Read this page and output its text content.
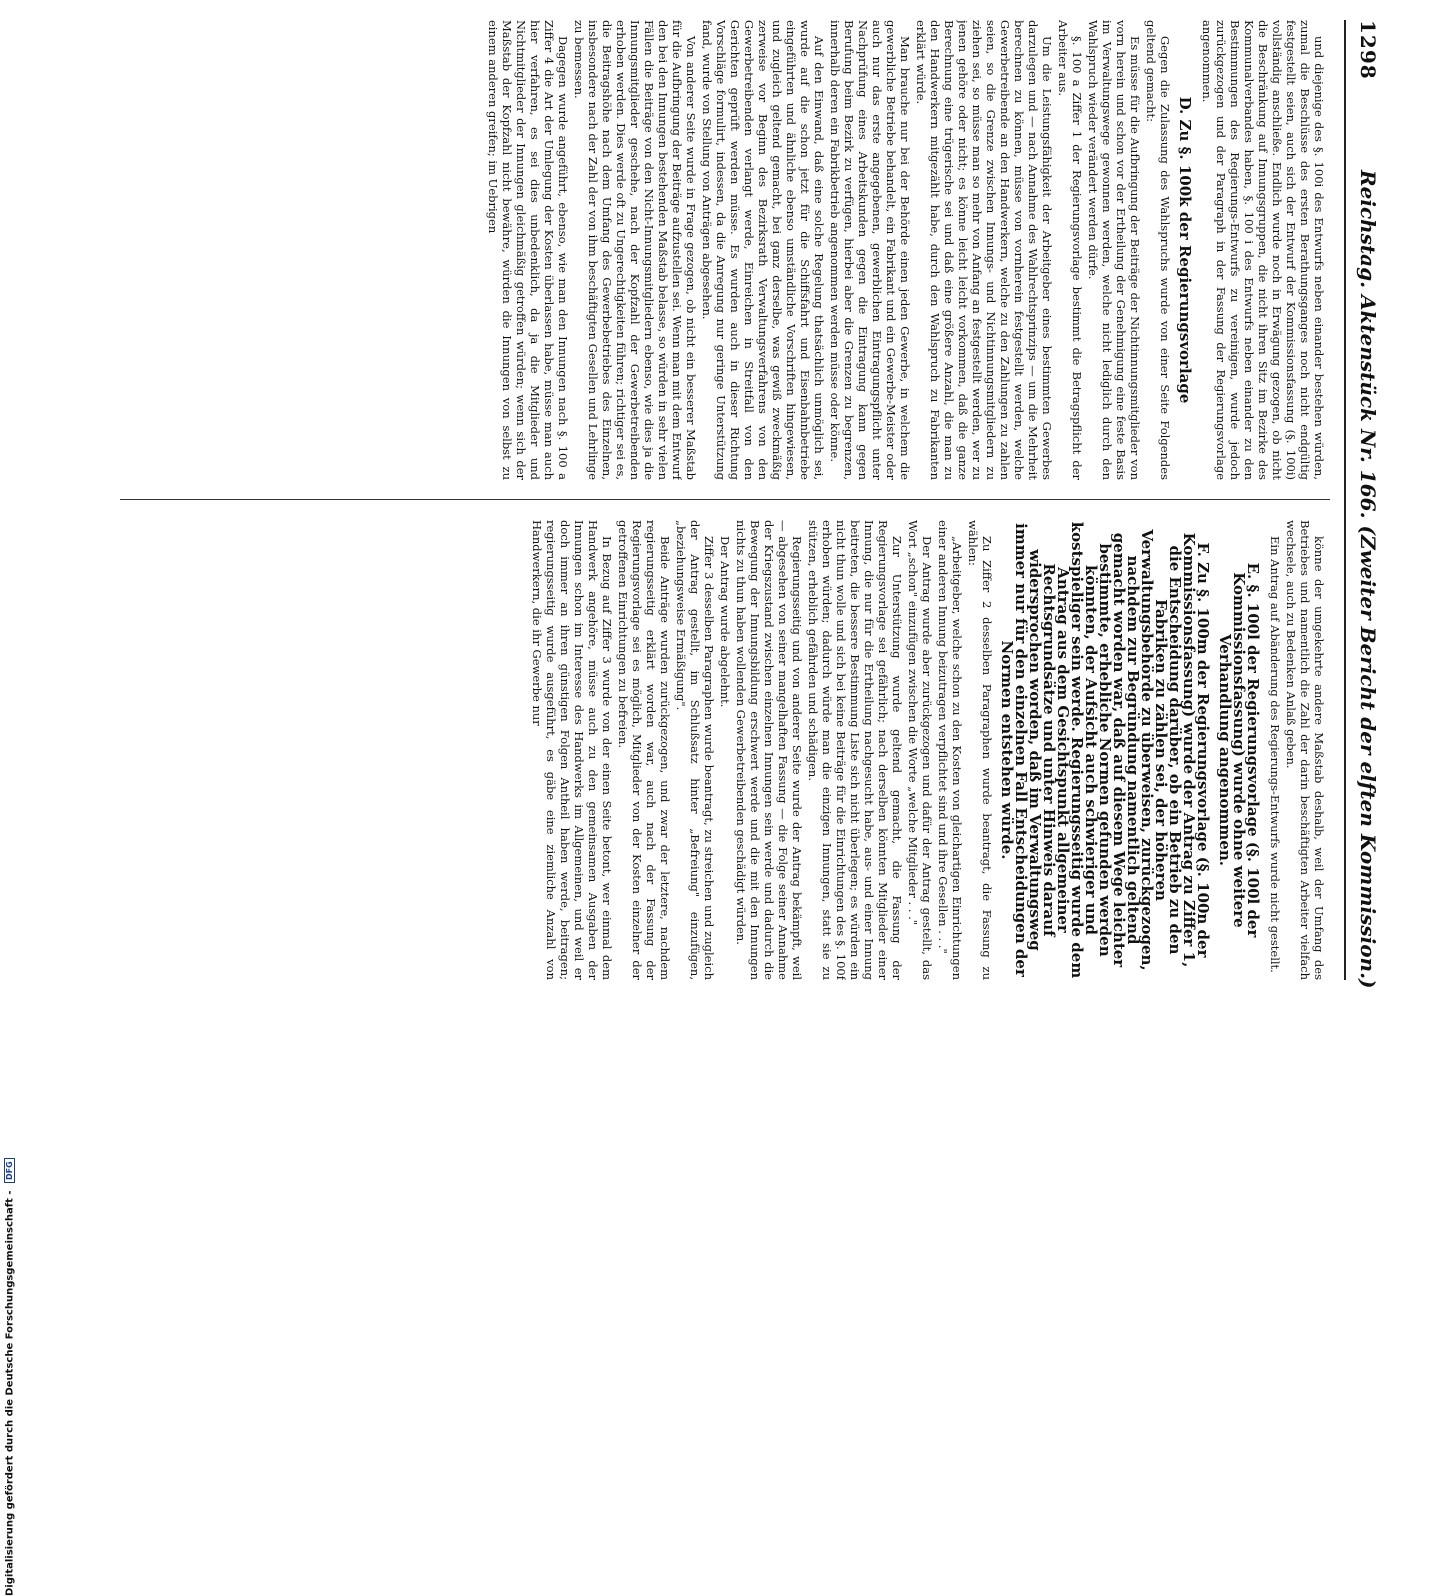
Digitalisierung gefördert durch die Deutsche Forschungsgemeinschaft - DFG
1298
Reichstag. Aktenstück Nr. 166. (Zweiter Bericht der elften Kommission.)

und diejenige des §. 100i des Entwurfs neben einander bestehen würden, zumal die Beschlüsse des ersten Berathungsganges noch nicht endgültig festgestellt seien, auch sich der Entwurf der Kommissionsfassung (§. 100i) vollständig anschließe. Endlich wurde noch in Erwägung gezogen, ob nicht die Beschränkung auf Innungsgruppen, die nicht ihren Sitz im Bezirke des Kommunalverbandes haben, §. 100 i des Entwurfs neben einander zu den Bestimmungen des Regierungs-Entwurfs zu vereinigen, wurde jedoch zurückgezogen und der Paragraph in der Fassung der Regierungsvorlage angenommen.

D. Zu §. 100k der Regierungsvorlage

Gegen die Zulassung des Wahlspruchs wurde von einer Seite Folgendes geltend gemacht:

Es müsse für die Aufbringung der Beiträge der Nichtinnungsmitglieder von vorn herein und schon vor der Ertheilung der Genehmigung eine feste Basis im Verwaltungswege gewonnen werden, welche nicht lediglich durch den Wahlspruch wieder verändert werden dürfe.

§. 100 a Ziffer 1 der Regierungsvorlage bestimmt die Betragspflicht der Arbeiter aus.

Um die Leistungsfähigkeit der Arbeitgeber eines bestimmten Gewerbes darzulegen und — nach Annahme des Wahlrechtsprinzips — um die Mehrheit berechnen zu können, müsse von vornherein festgestellt werden, welche Gewerbetreibende an den Handwerkern, welche zu den Zahlungen zu zahlen seien, so die Grenze zwischen Innungs- und Nichtinnungsmitgliedern zu ziehen sei, so müsse man so mehr von Anfang an festgestellt werden, wer zu jenen gehöre oder nicht; es könne leicht leicht vorkommen, daß die ganze Berechnung eine trügerische sei und daß eine größere Anzahl, die man zu den Handwerkern mitgezählt habe, durch den Wahlspruch zu Fabrikanten erklärt würde.

Man brauche nur bei der Behörde einen jeden Gewerbe, in welchem die gewerbliche Betriebe behandelt, ein Fabrikant und ein Gewerbe-Meister oder auch nur das erste angegebenen, gewerblichen Eintragungspflicht unter Nachprüfung eines Arbeitskunden gegen die Eintragung kann gegen Berufung beim Bezirk zu verfügen, hierbei aber die Grenzen zu begrenzen, innerhalb deren ein Fabrikbetrieb angenommen werden müsse oder könne.

Auf den Einwand, daß eine solche Regelung thatsächlich unmöglich sei, wurde auf die schon jetzt für die Schiffsfahrt und Eisenbahnbetriebe eingeführten und ähnliche ebenso umständliche Vorschriften hingewiesen, und zugleich geltend gemacht, bei ganz derselbe, was gewiß zweckmäßig zerweise vor Beginn des Bezirksrath Verwaltungsverfahrens von den Gewerbetreibenden verlangt werde, Einreichen in Streitfall von den Gerichten geprüft werden müsse. Es wurden auch in dieser Richtung Vorschläge formulirt, indessen, da die Anregung nur geringe Unterstützung fand, wurde von Stellung von Anträgen abgesehen.

Von anderer Seite wurde in Frage gezogen, ob nicht ein besserer Maßstab für die Aufbringung der Beiträge aufzustellen sei. Wenn man mit dem Entwurf den bei den Innungen bestehenden Maßstab belasse, so würden in sehr vielen Fällen die Beiträge von den Nicht-Innungsmitgliedern ebenso, wie dies ja die Innungsmitglieder geschehe, nach der Kopfzahl der Gewerbetreibenden erhoben werden. Dies werde oft zu Ungerechtigkeiten führen; richtiger sei es, die Beitragshöhe nach dem Umfang des Gewerbebetriebes des Einzelnen, insbesondere nach der Zahl der von ihm beschäftigten Gesellen und Lehrlinge zu bemessen.

Dagegen wurde angeführt, ebenso, wie man den Innungen nach §. 100 a Ziffer 4 die Art der Umlegung der Kosten überlassen habe, müsse man auch hier verfahren, es sei dies unbedenklich, da ja die Mitglieder und Nichtmitglieder der Innungen gleichmäßig getroffen würden; wenn sich der Maßstab der Kopfzahl nicht bewähre, würden die Innungen von selbst zu einem anderen greifen; im Uebrigen

könne der umgekehrte andere Maßstab deshalb, weil der Umfang des Betriebes und namentlich die Zahl der darin beschäftigten Arbeiter vielfach wechsele, auch zu Bedenken Anlaß geben.

Ein Antrag auf Abänderung des Regierungs-Entwurfs wurde nicht gestellt.

E. §. 100l der Regierungsvorlage (§. 100l der Kommissionsfassung) wurde ohne weitere Verhandlung angenommen.
F. Zu §. 100m der Regierungsvorlage (§. 100n der Kommissionsfassung) wurde der Antrag zu Ziffer 1, die Entscheidung darüber, ob ein Betrieb zu den Fabriken zu zählen sei, der höheren Verwaltungsbehörde zu überweisen, zurückgezogen, nachdem zur Begründung namentlich geltend gemacht worden war, daß auf diesem Wege leichter bestimmte, erhebliche Normen gefunden werden könnten, der Aufsicht auch schwieriger und kostspieliger sein werde. Regierungsseitig wurde dem Antrag aus dem Gesichtspunkt allgemeiner Rechtsgrundsätze und unter Hinweis darauf widersprochen worden, daß im Verwaltungsweg immer nur für den einzelnen Fall Entscheidungen der Normen entstehen würde.

Zu Ziffer 2 desselben Paragraphen wurde beantragt, die Fassung zu wählen:

„Arbeitgeber, welche schon zu den Kosten von gleichartigen Einrichtungen einer anderen Innung beizutragen verpflichtet sind und ihre Gesellen . . ."

Der Antrag wurde aber zurückgezogen und dafür der Antrag gestellt, das Wort „schon" einzufügen zwischen die Worte „welche Mitglieder . . ."

Zur Unterstützung wurde geltend gemacht, die Fassung der Regierungsvorlage sei gefährlich; nach derselben könnten Mitglieder einer Innung, die nur für die Ertheilung nachgesucht habe, aus- und einer Innung beitreten, die bessere Bestimmung Liste sich nicht überlegen; es würden ein nicht thun wolle und sich bei keine Beiträge für die Einrichtungen des §. 100f erhoben würden; dadurch würde man die einzigen Innungen, statt sie zu stützen, erheblich gefährden und schädigen.

Regierungsseitig und von anderer Seite wurde der Antrag bekämpft, weil — abgesehen von seiner mangelhaften Fassung — die Folge seiner Annahme der Kriegszustand zwischen einzelnen Innungen sein werde und dadurch die Bewegung der Innungsbildung erschwert werde und die mit den Innungen nichts zu thun haben wollenden Gewerbetreibenden geschädigt würden.

Der Antrag wurde abgelehnt.

Ziffer 3 desselben Paragraphen wurde beantragt, zu streichen und zugleich der Antrag gestellt, im Schlußsatz hinter „Befreiung" einzufügen, „beziehungsweise Ermäßigung".

Beide Anträge wurden zurückgezogen, und zwar der letztere, nachdem regierungsseitig erklärt worden war, auch nach der Fassung der Regierungsvorlage sei es möglich, Mitglieder von der Kosten einzelner der getroffenen Einrichtungen zu befreien.

In Bezug auf Ziffer 3 wurde von der einen Seite betont, wer einmal dem Handwerk angehöre, müsse auch zu den gemeinsamen Ausgaben der Innungen schon im Interesse des Handwerks im Allgemeinen, und weil er doch immer an ihren günstigen Folgen Antheil haben werde, beitragen; regierungsseitig wurde ausgeführt, es gäbe eine ziemliche Anzahl von Handwerkern, die ihr Gewerbe nur
